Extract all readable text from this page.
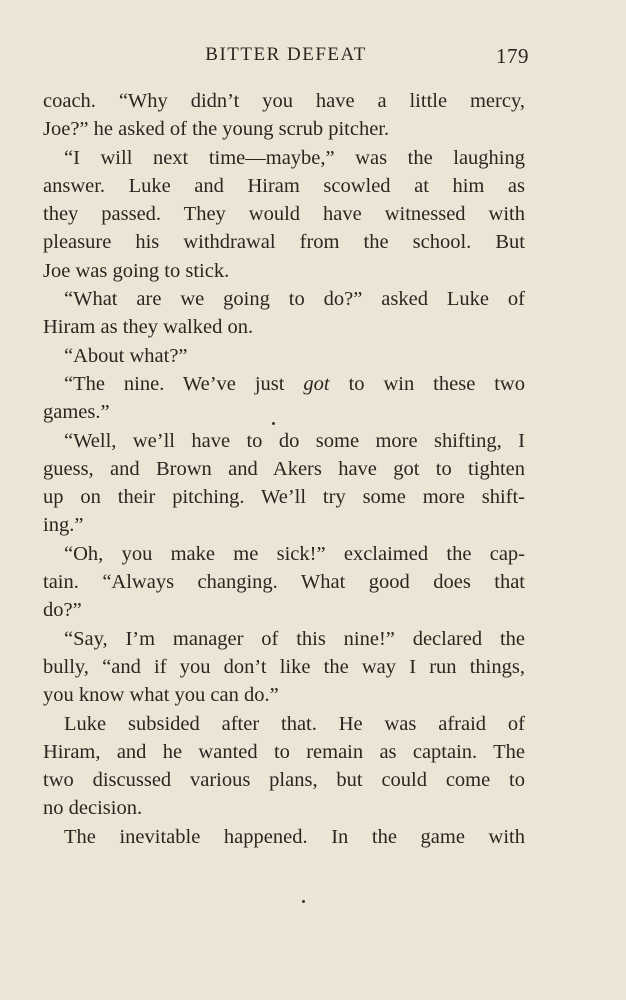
BITTER DEFEAT	179
coach. “Why didn’t you have a little mercy,
Joe?” he asked of the young scrub pitcher.
“I will next time—maybe,” was the laughing
answer. Luke and Hiram scowled at him as
they passed. They would have witnessed with
pleasure his withdrawal from the school. But
Joe was going to stick.
“What are we going to do?” asked Luke of
Hiram as they walked on.
“About what?”
“The nine. We’ve just got to win these two
games.”
“Well, we’ll have to do some more shifting, I
guess, and Brown and Akers have got to tighten
up on their pitching. We’ll try some more shift-
ing.”
“Oh, you make me sick!” exclaimed the cap-
tain. “Always changing. What good does that
do?”
“Say, I’m manager of this nine!” declared the
bully, “and if you don’t like the way I run things,
you know what you can do.”
Luke subsided after that. He was afraid of
Hiram, and he wanted to remain as captain. The
two discussed various plans, but could come to
no decision.
The inevitable happened. In the game with
